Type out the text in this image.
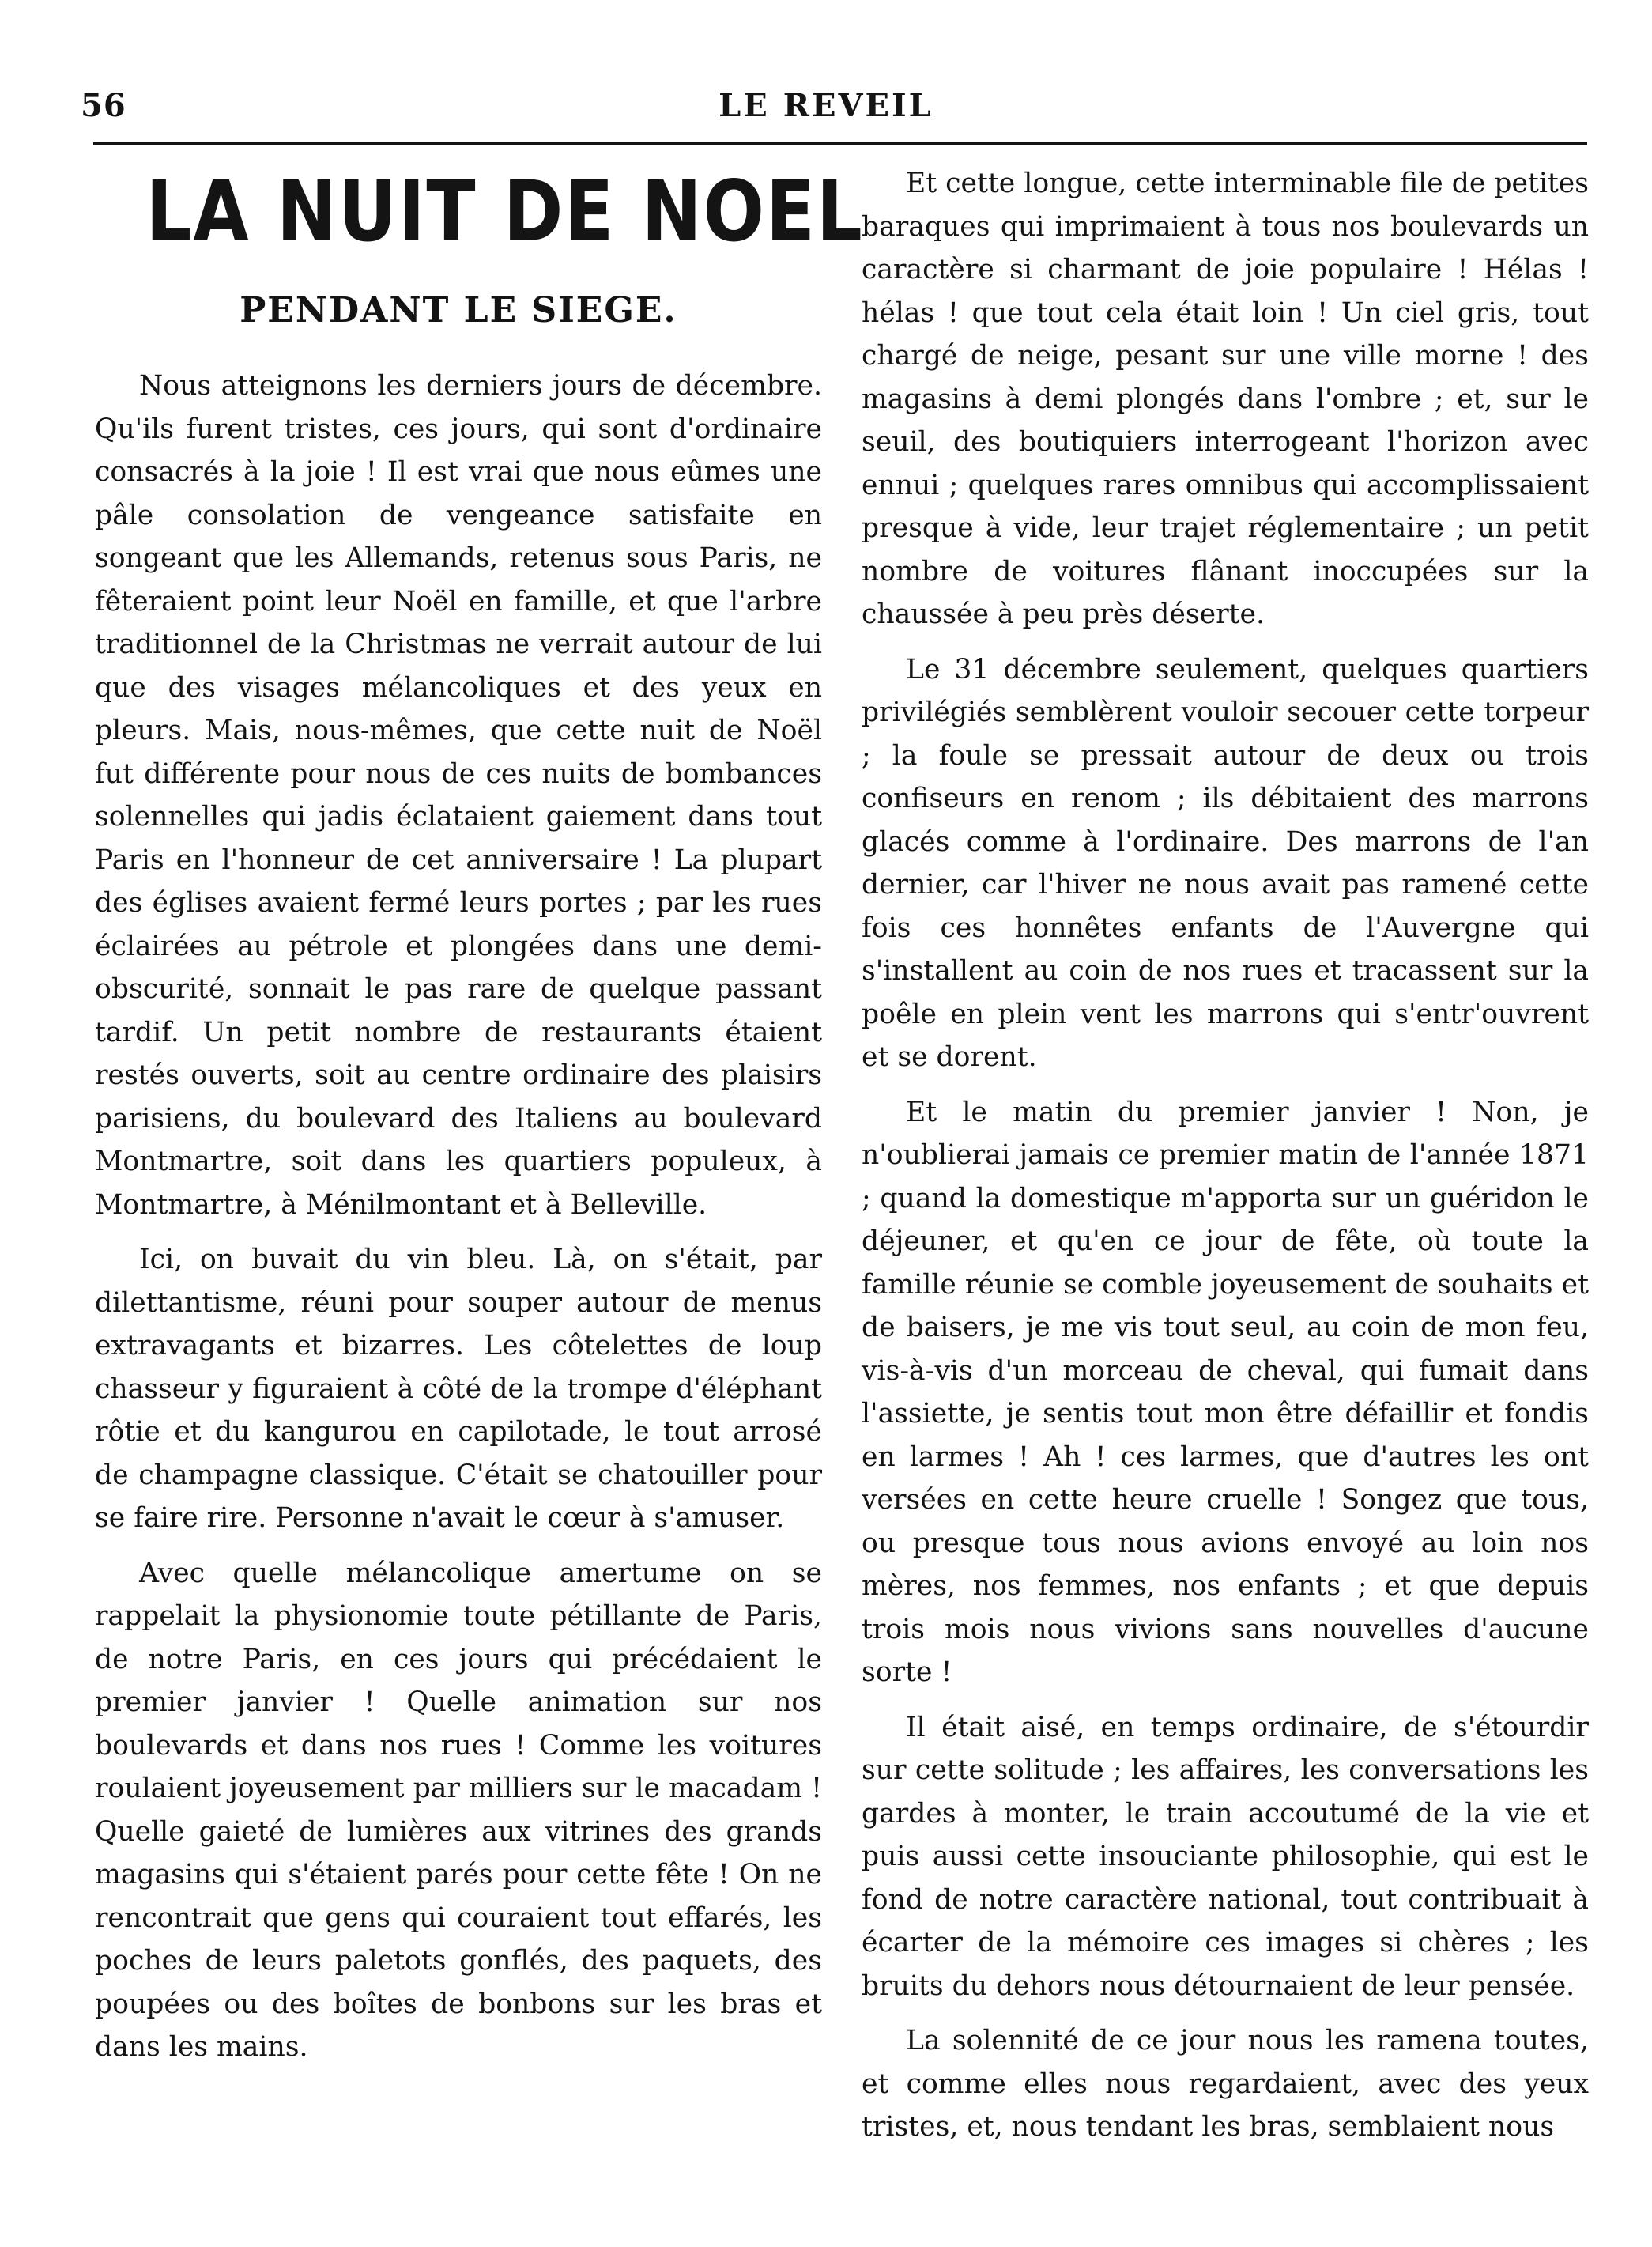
56	LE REVEIL
LA NUIT DE NOEL
PENDANT LE SIEGE.

Nous atteignons les derniers jours de décembre. Qu'ils furent tristes, ces jours, qui sont d'ordinaire consacrés à la joie ! Il est vrai que nous eûmes une pâle consolation de vengeance satisfaite en songeant que les Allemands, retenus sous Paris, ne fêteraient point leur Noël en famille, et que l'arbre traditionnel de la Christmas ne verrait autour de lui que des visages mélancoliques et des yeux en pleurs. Mais, nous-mêmes, que cette nuit de Noël fut différente pour nous de ces nuits de bombances solennelles qui jadis éclataient gaiement dans tout Paris en l'honneur de cet anniversaire ! La plupart des églises avaient fermé leurs portes ; par les rues éclairées au pétrole et plongées dans une demi-obscurité, sonnait le pas rare de quelque passant tardif. Un petit nombre de restaurants étaient restés ouverts, soit au centre ordinaire des plaisirs parisiens, du boulevard des Italiens au boulevard Montmartre, soit dans les quartiers populeux, à Montmartre, à Ménilmontant et à Belleville.

Ici, on buvait du vin bleu. Là, on s'était, par dilettantisme, réuni pour souper autour de menus extravagants et bizarres. Les côtelettes de loup chasseur y figuraient à côté de la trompe d'éléphant rôtie et du kangurou en capilotade, le tout arrosé de champagne classique. C'était se chatouiller pour se faire rire. Personne n'avait le cœur à s'amuser.

Avec quelle mélancolique amertume on se rappelait la physionomie toute pétillante de Paris, de notre Paris, en ces jours qui précédaient le premier janvier ! Quelle animation sur nos boulevards et dans nos rues ! Comme les voitures roulaient joyeusement par milliers sur le macadam ! Quelle gaieté de lumières aux vitrines des grands magasins qui s'étaient parés pour cette fête ! On ne rencontrait que gens qui couraient tout effarés, les poches de leurs paletots gonflés, des paquets, des poupées ou des boîtes de bonbons sur les bras et dans les mains.

Et cette longue, cette interminable file de petites baraques qui imprimaient à tous nos boulevards un caractère si charmant de joie populaire ! Hélas ! hélas ! que tout cela était loin ! Un ciel gris, tout chargé de neige, pesant sur une ville morne ! des magasins à demi plongés dans l'ombre ; et, sur le seuil, des boutiquiers interrogeant l'horizon avec ennui ; quelques rares omnibus qui accomplissaient presque à vide, leur trajet réglementaire ; un petit nombre de voitures flânant inoccupées sur la chaussée à peu près déserte.

Le 31 décembre seulement, quelques quartiers privilégiés semblèrent vouloir secouer cette torpeur ; la foule se pressait autour de deux ou trois confiseurs en renom ; ils débitaient des marrons glacés comme à l'ordinaire. Des marrons de l'an dernier, car l'hiver ne nous avait pas ramené cette fois ces honnêtes enfants de l'Auvergne qui s'installent au coin de nos rues et tracassent sur la poêle en plein vent les marrons qui s'entr'ouvrent et se dorent.

Et le matin du premier janvier ! Non, je n'oublierai jamais ce premier matin de l'année 1871 ; quand la domestique m'apporta sur un guéridon le déjeuner, et qu'en ce jour de fête, où toute la famille réunie se comble joyeusement de souhaits et de baisers, je me vis tout seul, au coin de mon feu, vis-à-vis d'un morceau de cheval, qui fumait dans l'assiette, je sentis tout mon être défaillir et fondis en larmes ! Ah ! ces larmes, que d'autres les ont versées en cette heure cruelle ! Songez que tous, ou presque tous nous avions envoyé au loin nos mères, nos femmes, nos enfants ; et que depuis trois mois nous vivions sans nouvelles d'aucune sorte !

Il était aisé, en temps ordinaire, de s'étourdir sur cette solitude ; les affaires, les conversations les gardes à monter, le train accoutumé de la vie et puis aussi cette insouciante philosophie, qui est le fond de notre caractère national, tout contribuait à écarter de la mémoire ces images si chères ; les bruits du dehors nous détournaient de leur pensée.

La solennité de ce jour nous les ramena toutes, et comme elles nous regardaient, avec des yeux tristes, et, nous tendant les bras, semblaient nous
